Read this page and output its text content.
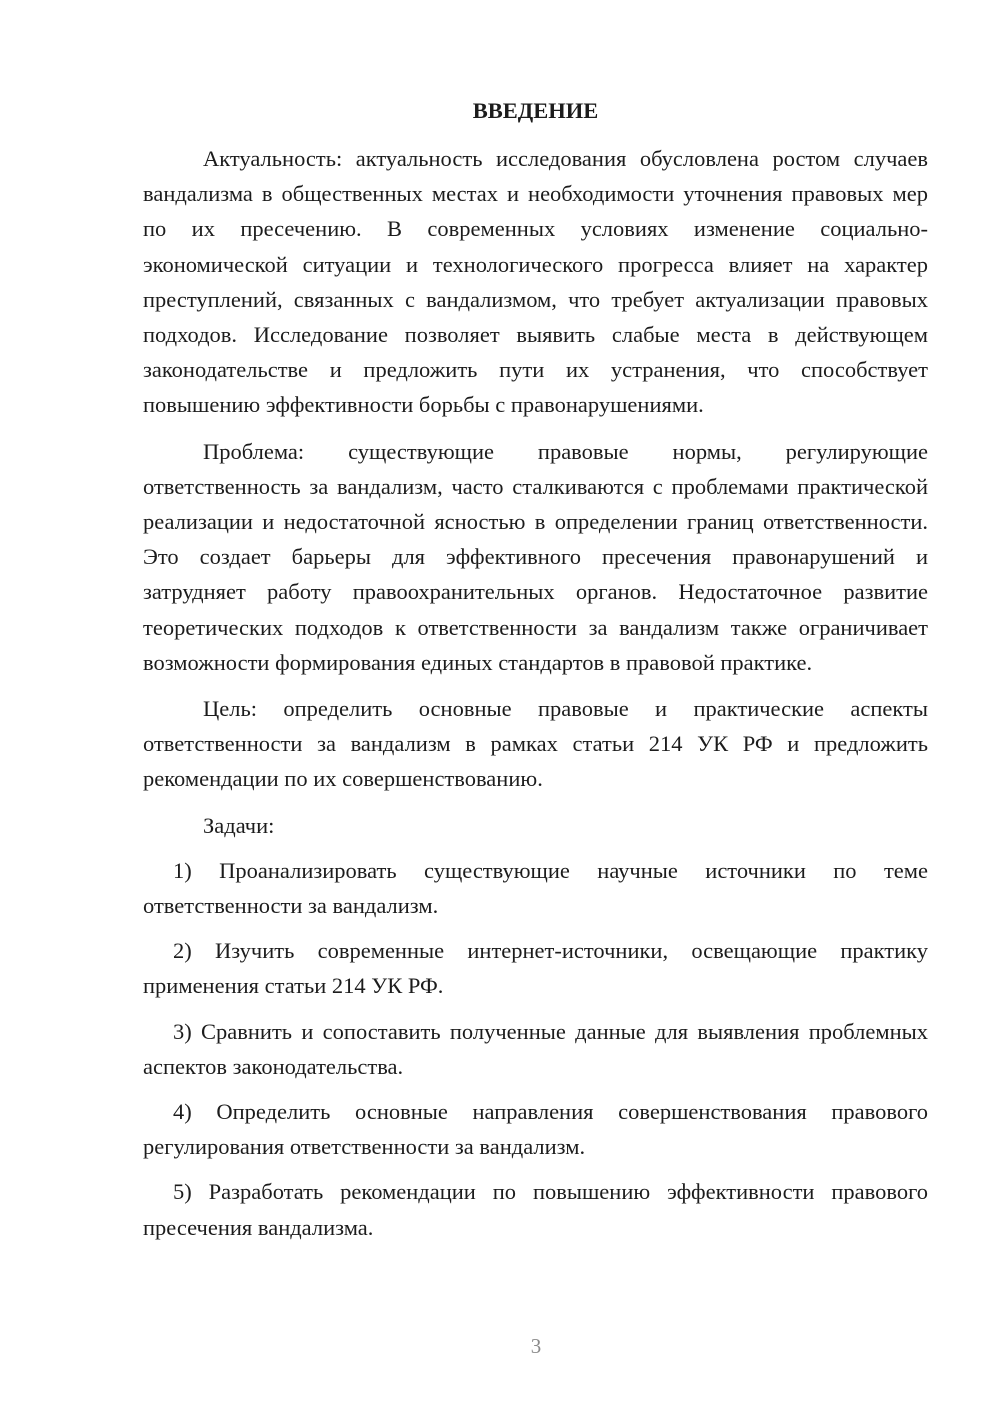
ВВЕДЕНИЕ

Актуальность: актуальность исследования обусловлена ростом случаев вандализма в общественных местах и необходимости уточнения правовых мер по их пресечению. В современных условиях изменение социально-экономической ситуации и технологического прогресса влияет на характер преступлений, связанных с вандализмом, что требует актуализации правовых подходов. Исследование позволяет выявить слабые места в действующем законодательстве и предложить пути их устранения, что способствует повышению эффективности борьбы с правонарушениями.

Проблема: существующие правовые нормы, регулирующие ответственность за вандализм, часто сталкиваются с проблемами практической реализации и недостаточной ясностью в определении границ ответственности. Это создает барьеры для эффективного пресечения правонарушений и затрудняет работу правоохранительных органов. Недостаточное развитие теоретических подходов к ответственности за вандализм также ограничивает возможности формирования единых стандартов в правовой практике.

Цель: определить основные правовые и практические аспекты ответственности за вандализм в рамках статьи 214 УК РФ и предложить рекомендации по их совершенствованию.

Задачи:

1) Проанализировать существующие научные источники по теме ответственности за вандализм.

2) Изучить современные интернет-источники, освещающие практику применения статьи 214 УК РФ.

3) Сравнить и сопоставить полученные данные для выявления проблемных аспектов законодательства.

4) Определить основные направления совершенствования правового регулирования ответственности за вандализм.

5) Разработать рекомендации по повышению эффективности правового пресечения вандализма.

3
